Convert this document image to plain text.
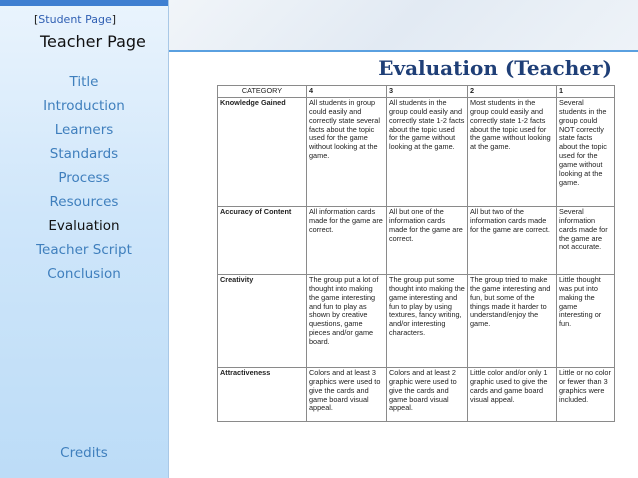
[Student Page]
Teacher Page
Title
Introduction
Learners
Standards
Process
Resources
Evaluation
Teacher Script
Conclusion
Credits
Evaluation (Teacher)
CATEGORY	4	3	2	1
Knowledge Gained	All students in group could easily and correctly state several facts about the topic used for the game without looking at the game.	All students in the group could easily and correctly state 1-2 facts about the topic used for the game without looking at the game.	Most students in the group could easily and correctly state 1-2 facts about the topic used for the game without looking at the game.	Several students in the group could NOT correctly state facts about the topic used for the game without looking at the game.
Accuracy of Content	All information cards made for the game are correct.	All but one of the information cards made for the game are correct.	All but two of the information cards made for the game are correct.	Several information cards made for the game are not accurate.
Creativity	The group put a lot of thought into making the game interesting and fun to play as shown by creative questions, game pieces and/or game board.	The group put some thought into making the game interesting and fun to play by using textures, fancy writing, and/or interesting characters.	The group tried to make the game interesting and fun, but some of the things made it harder to understand/enjoy the game.	Little thought was put into making the game interesting or fun.
Attractiveness	Colors and at least 3 graphics were used to give the cards and game board visual appeal.	Colors and at least 2 graphic were used to give the cards and game board visual appeal.	Little color and/or only 1 graphic used to give the cards and game board visual appeal.	Little or no color or fewer than 3 graphics were included.
